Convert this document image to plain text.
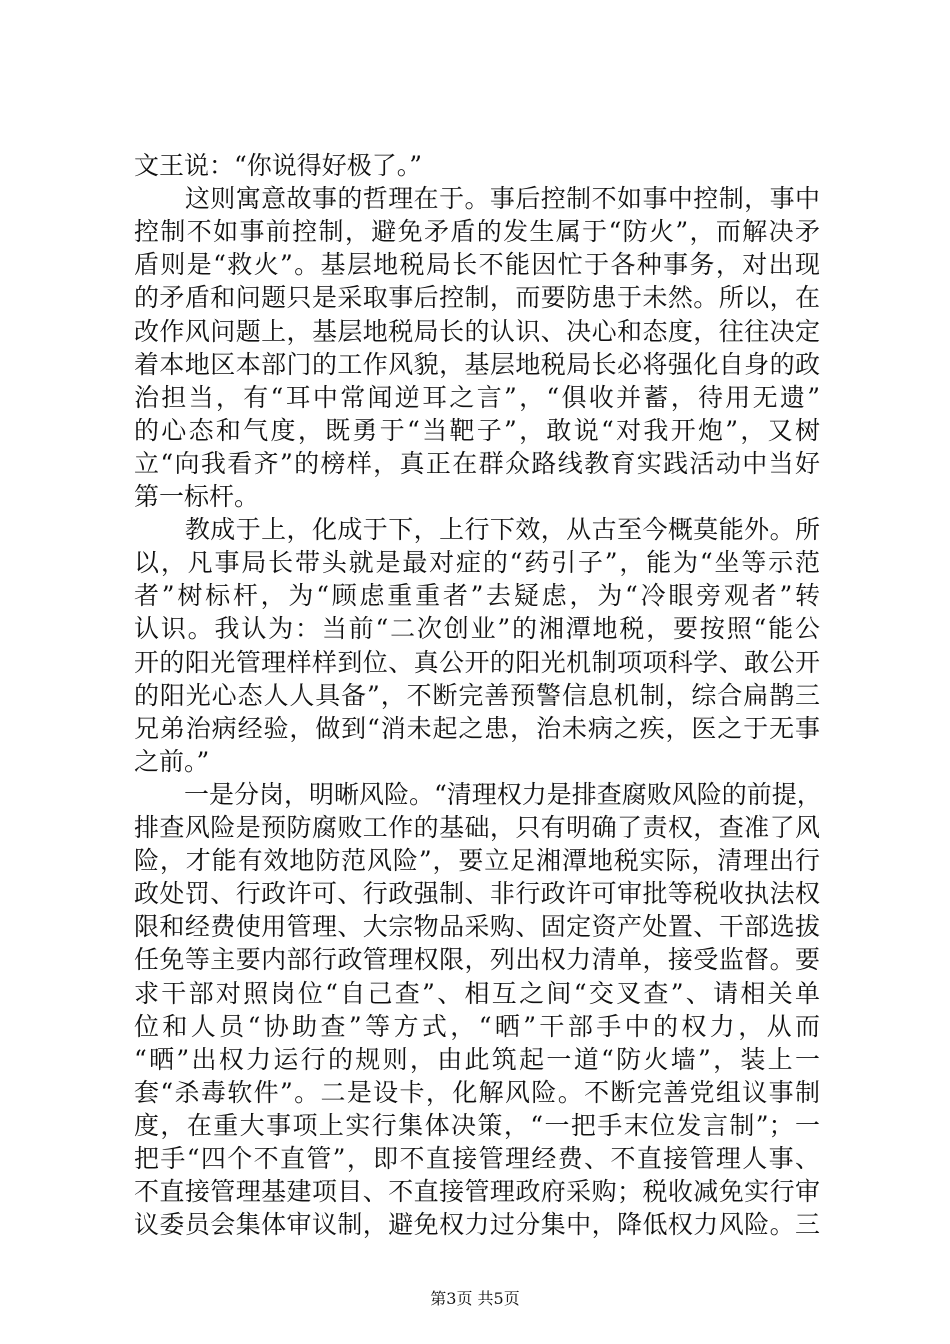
文王说：“你说得好极了。”
　　这则寓意故事的哲理在于。事后控制不如事中控制，事中
控制不如事前控制，避免矛盾的发生属于“防火”，而解决矛
盾则是“救火”。基层地税局长不能因忙于各种事务，对出现
的矛盾和问题只是采取事后控制，而要防患于未然。所以，在
改作风问题上，基层地税局长的认识、决心和态度，往往决定
着本地区本部门的工作风貌，基层地税局长必将强化自身的政
治担当，有“耳中常闻逆耳之言”，“俱收并蓄，待用无遗”
的心态和气度，既勇于“当靶子”，敢说“对我开炮”，又树
立“向我看齐”的榜样，真正在群众路线教育实践活动中当好
第一标杆。
　　教成于上，化成于下，上行下效，从古至今概莫能外。所
以，凡事局长带头就是最对症的“药引子”，能为“坐等示范
者”树标杆，为“顾虑重重者”去疑虑，为“冷眼旁观者”转
认识。我认为：当前“二次创业”的湘潭地税，要按照“能公
开的阳光管理样样到位、真公开的阳光机制项项科学、敢公开
的阳光心态人人具备”，不断完善预警信息机制，综合扁鹊三
兄弟治病经验，做到“消未起之患，治未病之疾，医之于无事
之前。”
　　一是分岗，明晰风险。“清理权力是排查腐败风险的前提，
排查风险是预防腐败工作的基础，只有明确了责权，查准了风
险，才能有效地防范风险”，要立足湘潭地税实际，清理出行
政处罚、行政许可、行政强制、非行政许可审批等税收执法权
限和经费使用管理、大宗物品采购、固定资产处置、干部选拔
任免等主要内部行政管理权限，列出权力清单，接受监督。要
求干部对照岗位“自己查”、相互之间“交叉查”、请相关单
位和人员“协助查”等方式，“晒”干部手中的权力，从而
“晒”出权力运行的规则，由此筑起一道“防火墙”，装上一
套“杀毒软件”。二是设卡，化解风险。不断完善党组议事制
度，在重大事项上实行集体决策，“一把手末位发言制”；一
把手“四个不直管”，即不直接管理经费、不直接管理人事、
不直接管理基建项目、不直接管理政府采购；税收减免实行审
议委员会集体审议制，避免权力过分集中，降低权力风险。三
第3页 共5页
